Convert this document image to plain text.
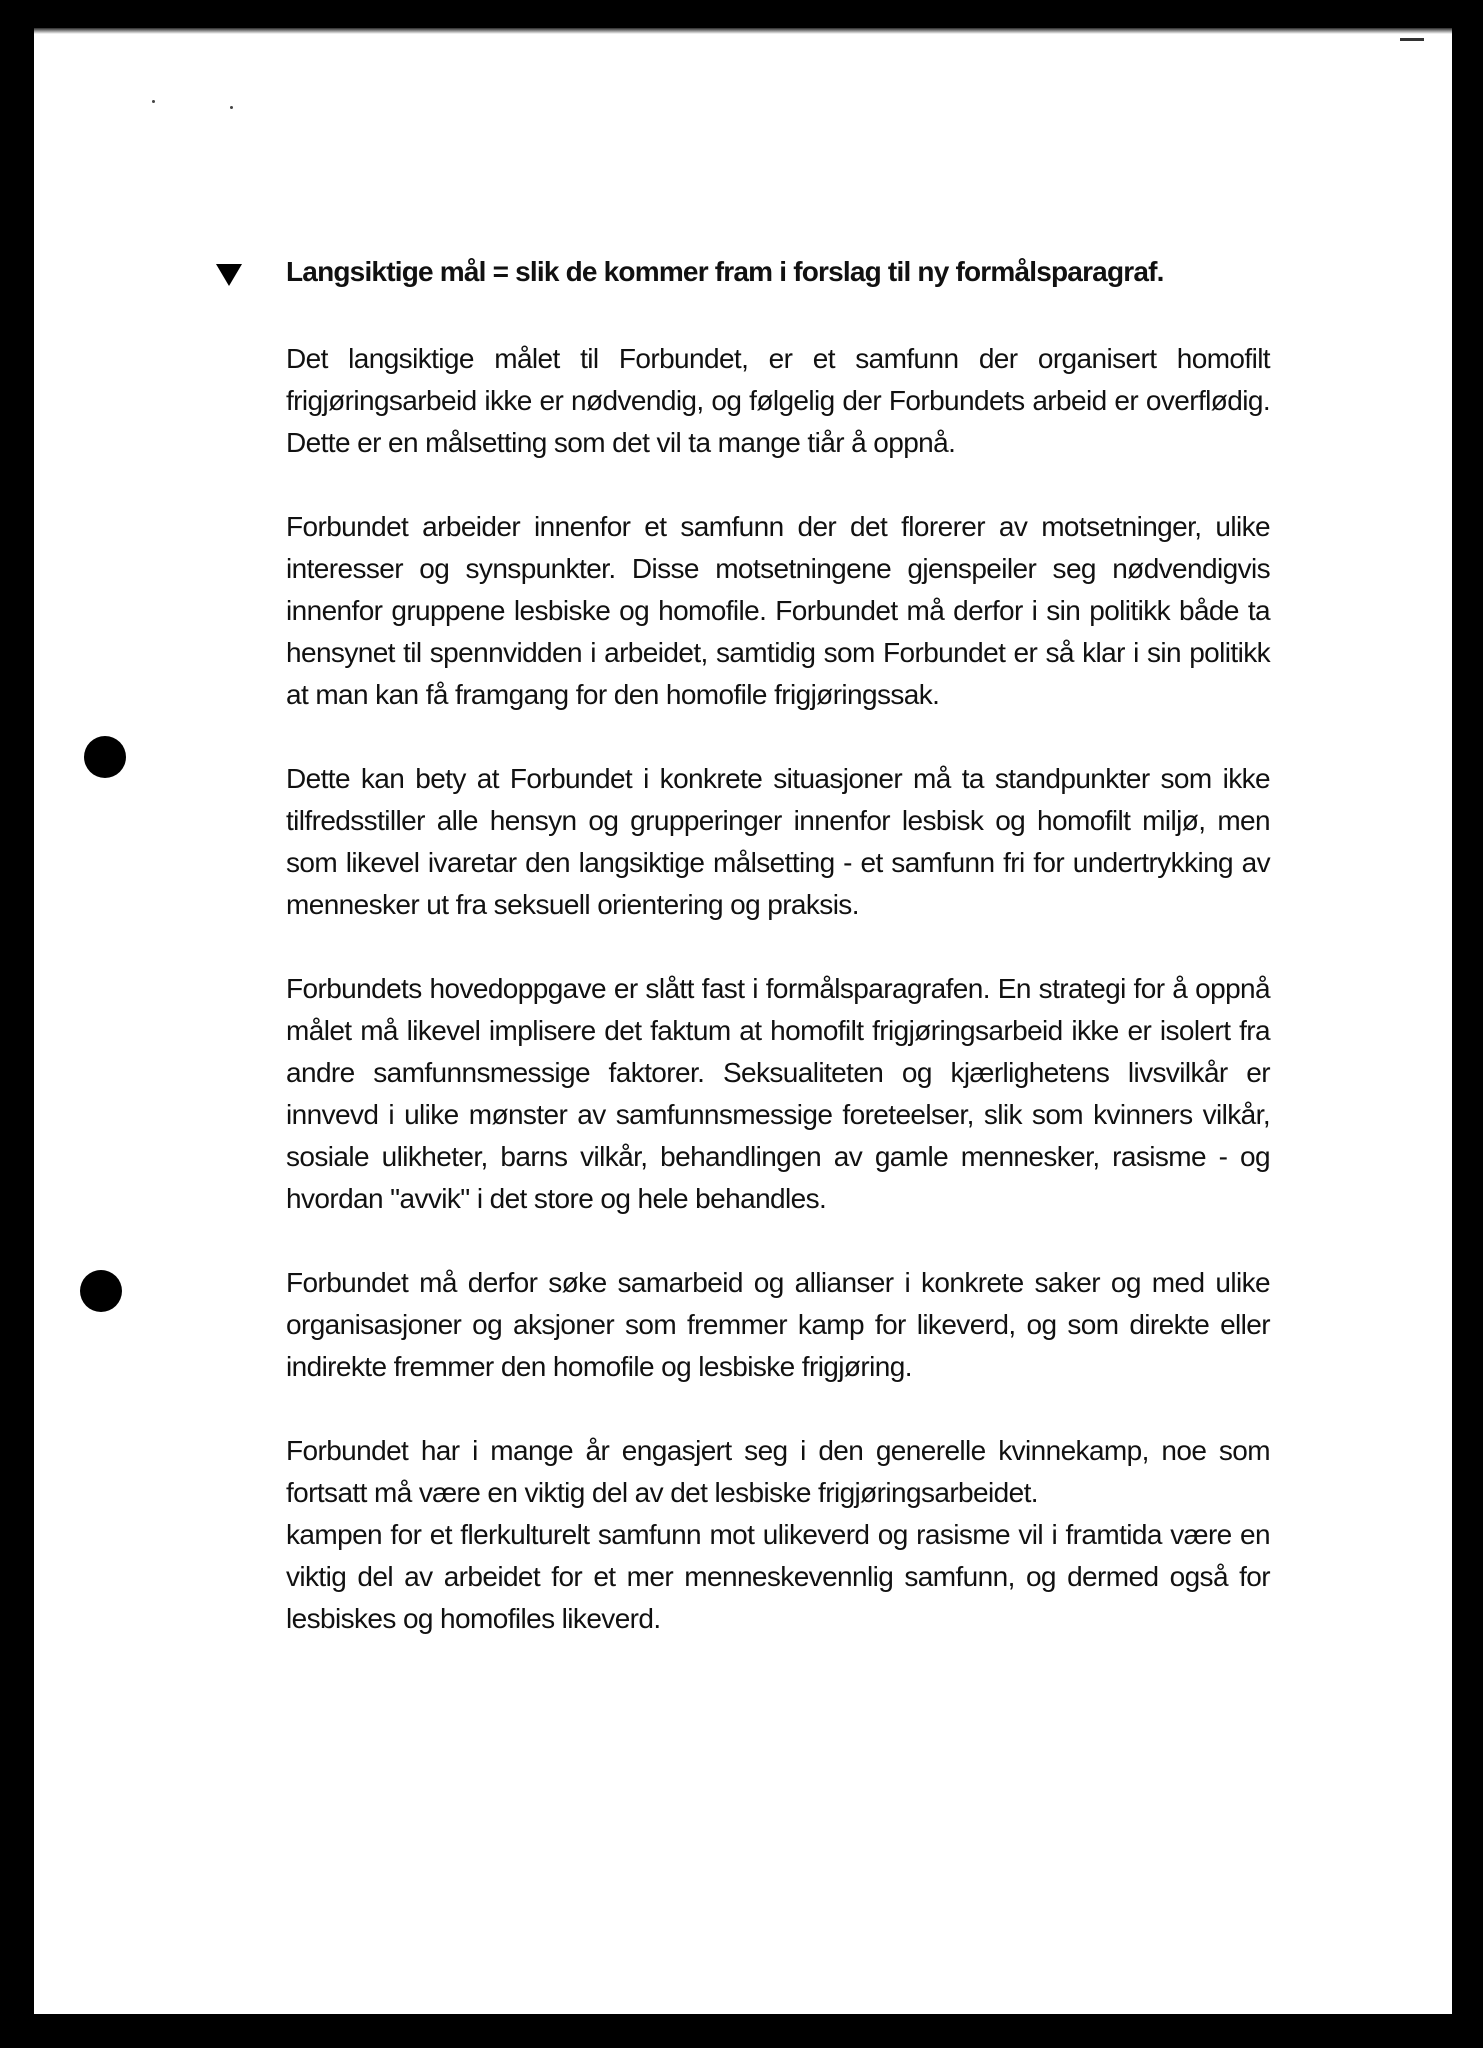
Langsiktige mål = slik de kommer fram i forslag til ny formålsparagraf.

Det langsiktige målet til Forbundet, er et samfunn der organisert homofilt frigjøringsarbeid ikke er nødvendig, og følgelig der Forbundets arbeid er overflødig. Dette er en målsetting som det vil ta mange tiår å oppnå.

Forbundet arbeider innenfor et samfunn der det florerer av motsetninger, ulike interesser og synspunkter. Disse motsetningene gjenspeiler seg nødvendigvis innenfor gruppene lesbiske og homofile. Forbundet må derfor i sin politikk både ta hensynet til spennvidden i arbeidet, samtidig som Forbundet er så klar i sin politikk at man kan få framgang for den homofile frigjøringssak.

Dette kan bety at Forbundet i konkrete situasjoner må ta standpunkter som ikke tilfredsstiller alle hensyn og grupperinger innenfor lesbisk og homofilt miljø, men som likevel ivaretar den langsiktige målsetting - et samfunn fri for undertrykking av mennesker ut fra seksuell orientering og praksis.

Forbundets hovedoppgave er slått fast i formålsparagrafen. En strategi for å oppnå målet må likevel implisere det faktum at homofilt frigjøringsarbeid ikke er isolert fra andre samfunnsmessige faktorer. Seksualiteten og kjærlighetens livsvilkår er innvevd i ulike mønster av samfunnsmessige foreteelser, slik som kvinners vilkår, sosiale ulikheter, barns vilkår, behandlingen av gamle mennesker, rasisme - og hvordan "avvik" i det store og hele behandles.

Forbundet må derfor søke samarbeid og allianser i konkrete saker og med ulike organisasjoner og aksjoner som fremmer kamp for likeverd, og som direkte eller indirekte fremmer den homofile og lesbiske frigjøring.

Forbundet har i mange år engasjert seg i den generelle kvinnekamp, noe som fortsatt må være en viktig del av det lesbiske frigjøringsarbeidet.

kampen for et flerkulturelt samfunn mot ulikeverd og rasisme vil i framtida være en viktig del av arbeidet for et mer menneskevennlig samfunn, og dermed også for lesbiskes og homofiles likeverd.
